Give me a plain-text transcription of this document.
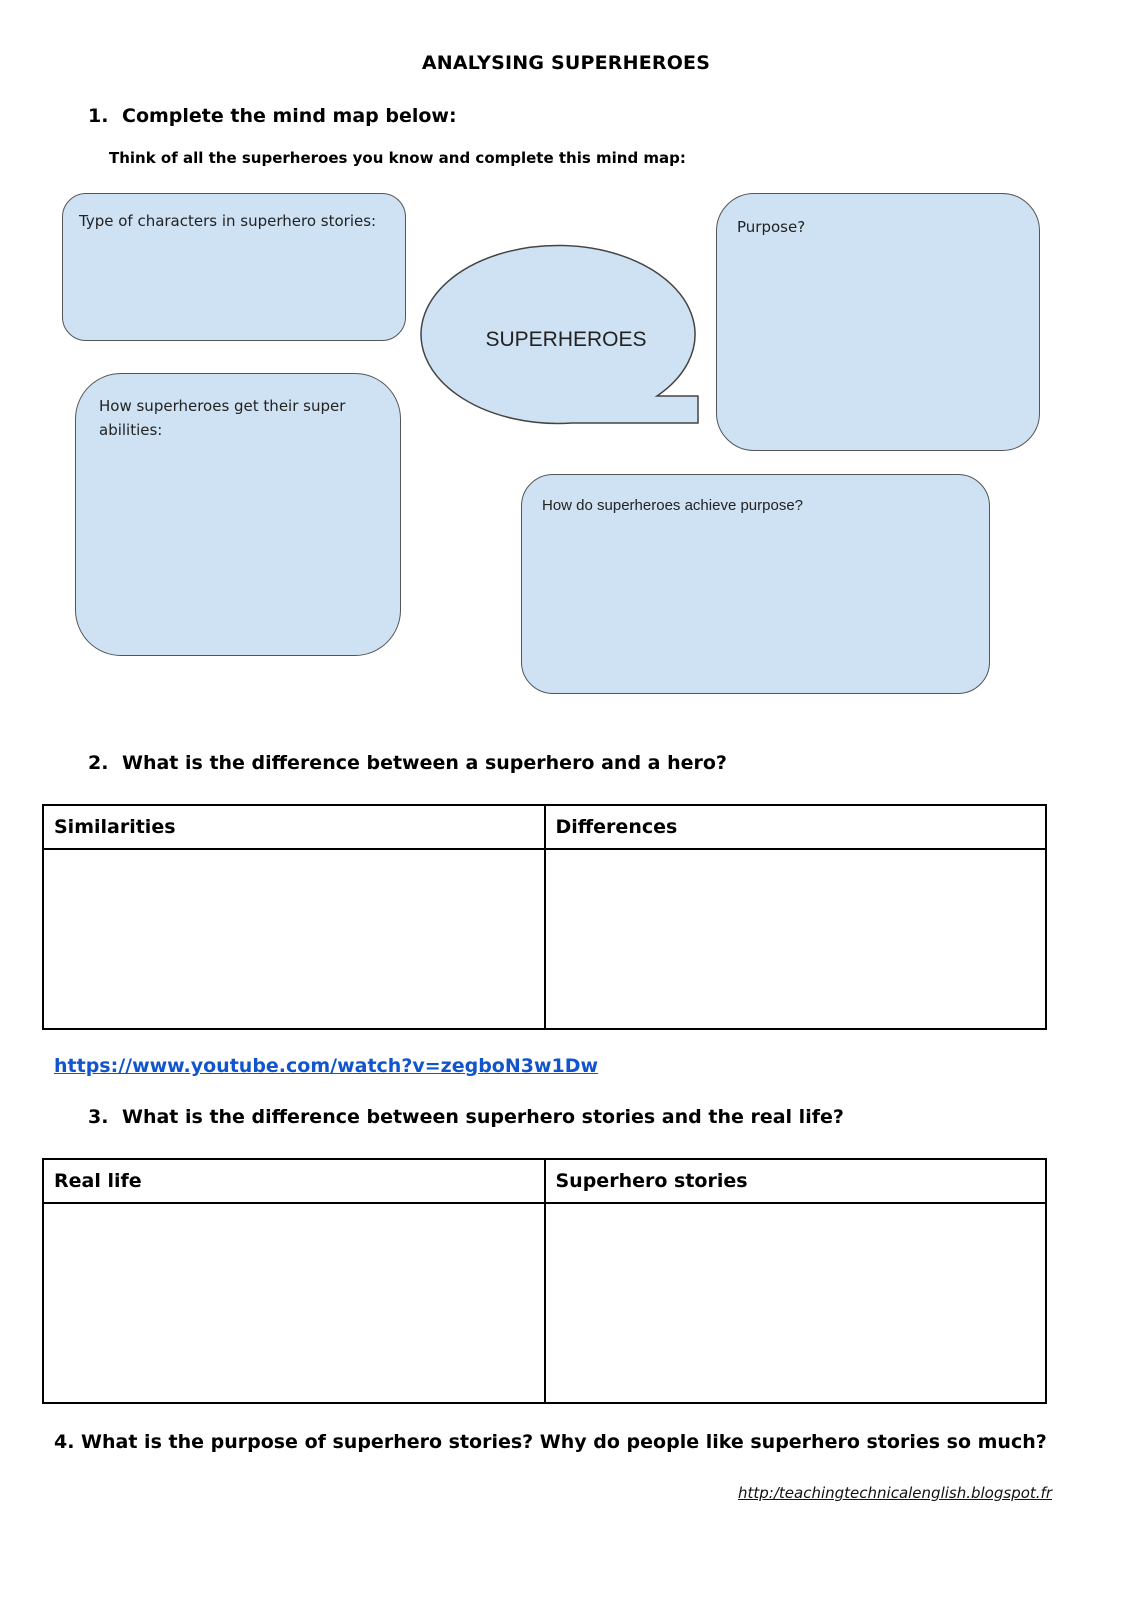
ANALYSING SUPERHEROES
1. Complete the mind map below:
Think of all the superheroes you know and complete this mind map:
Type of characters in superhero stories:	Purpose?
How superheroes get their super
abilities:
How do superheroes achieve purpose?
SUPERHEROES
2. What is the difference between a superhero and a hero?
Similarities	Differences

https://www.youtube.com/watch?v=zegboN3w1Dw
3. What is the difference between superhero stories and the real life?
Real life	Superhero stories

4. What is the purpose of superhero stories? Why do people like superhero stories so much?
http:/teachingtechnicalenglish.blogspot.fr
